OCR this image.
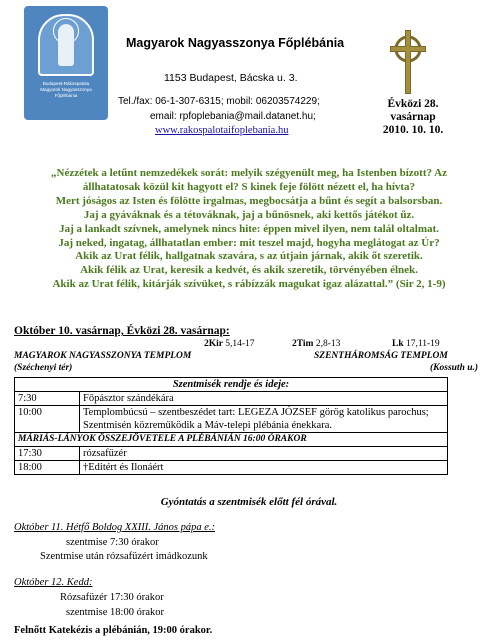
Budapest-Rákospalota
Magyarok Nagyasszonya
Főplébánia
Magyarok Nagyasszonya Főplébánia
1153 Budapest, Bácska u. 3.
Tel./fax: 06-1-307-6315; mobil: 06203574229;
email: rpfoplebania@mail.datanet.hu;
www.rakospalotaifoplebania.hu
Évközi 28. vasárnap 2010. 10. 10.
„Nézzétek a letűnt nemzedékek sorát: melyik szégyenült meg, ha Istenben bízott? Az
állhatatosak közül kit hagyott el? S kinek feje fölött nézett el, ha hívta?
Mert jóságos az Isten és fölötte irgalmas, megbocsátja a bűnt és segít a balsorsban.
Jaj a gyáváknak és a tétováknak, jaj a bűnösnek, aki kettős játékot űz.
Jaj a lankadt szívnek, amelynek nincs hite: éppen mivel ilyen, nem talál oltalmat.
Jaj neked, ingatag, állhatatlan ember: mit teszel majd, hogyha meglátogat az Úr?
Akik az Urat félik, hallgatnak szavára, s az útjain járnak, akik őt szeretik.
Akik félik az Urat, keresik a kedvét, és akik szeretik, törvényében élnek.
Akik az Urat félik, kitárják szívüket, s rábízzák magukat igaz alázattal.” (Sir 2, 1-9)
Október 10. vasárnap, Évközi 28. vasárnap:
2Kir 5,14-17	2Tim 2,8-13	Lk 17,11-19
MAGYAROK NAGYASSZONYA TEMPLOM
(Széchenyi tér)
SZENTHÁROMSÁG TEMPLOM
(Kossuth u.)
Szentmisék rendje és ideje:	
7:30	Főpásztor szándékára
10:00	Templombúcsú – szentbeszédet tart: LEGEZA JÓZSEF görög katolikus parochus; Szentmisén közreműködik a Máv-telepi plébánia énekkara.
MÁRIÁS-LÁNYOK ÖSSZEJÖVETELE A PLÉBÁNIÁN 16:00 ÓRAKOR	
17:30	rózsafüzér
18:00	†Editért és Ilonáért
Gyóntatás a szentmisék előtt fél órával.
Október 11. Hétfő Boldog XXIII. János pápa e.:
szentmise 7:30 órakor
Szentmise után rózsafüzért imádkozunk
Október 12. Kedd:
Rózsafüzér 17:30 órakor
szentmise 18:00 órakor
Felnőtt Katekézis a plébánián, 19:00 órakor.
